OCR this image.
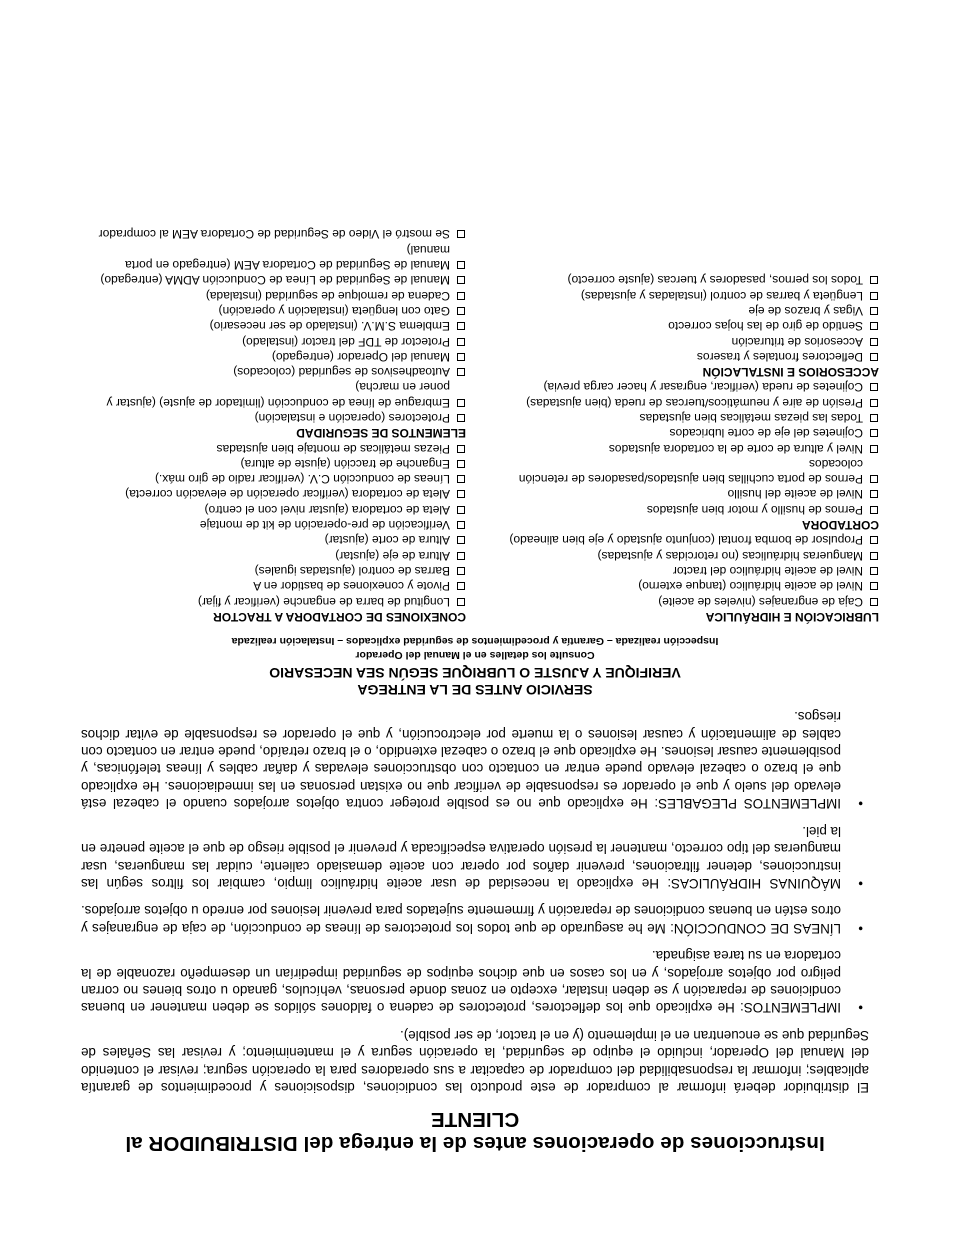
Instrucciones de operaciones antes de la entrega del DISTRIBUIDOR al CLIENTE

El distribuidor deberá informar al comprador de este producto las condiciones, disposiciones y procedimientos de garantía aplicables; informar la responsabilidad del comprador de capacitar a sus operadores para la operación segura; revisar el contenido del Manual del Operador, incluido el equipo de seguridad, la operación segura y el mantenimiento; y revisar las Señales de Seguridad que se encuentran en el implemento (y en el tractor, de ser posible).

•
IMPLEMENTOS: He explicado que los deflectores, protectores de cadena o faldones sólidos se deben mantener en buenas condiciones de reparación y se deben instalar, excepto en zonas donde personas, vehículos, ganado u otros bienes no corran peligro por objetos arrojados, y en los casos en que dichos equipos de seguridad impedirían un desempeño razonable de la cortadora en su tarea asignada.
•
LÍNEAS DE CONDUCCIÓN: Me he asegurado de que todos los protectores de líneas de conducción, de caja de engranajes y otros estén en buenas condiciones de reparación y firmemente sujetados para prevenir lesiones por enredo u objetos arrojados.
•
MÁQUINAS HIDRÁULICAS: He explicado la necesidad de usar aceite hidráulico limpio, cambiar los filtros según las instrucciones, detener filtraciones, prevenir daños por operar con aceite demasiado caliente, cuidar las mangueras, usar mangueras del tipo correcto, mantener la presión operativa especificada y prevenir el posible riesgo de que el aceite penetre en la piel.
•
IMPLEMENTOS PLEGABLES: He explicado que no es posible proteger contra objetos arrojados cuando el cabezal está elevado del suelo y que el operador es responsable de verificar que no existan personas en las inmediaciones. He explicado que el brazo o cabezal elevado puede entrar en contacto con obstrucciones elevadas y dañar cables y líneas telefónicas, y posiblemente causar lesiones. He explicado que el brazo o cabezal extendido, o el brazo retraído, puede entrar en contacto con cables de alimentación y causar lesiones o la muerte por electrocución, y que el operador es responsable de evitar dichos riesgos.
SERVICIO ANTES DE LA ENTREGA
VERIFIQUE Y AJUSTE O LUBRIQUE SEGÚN SEA NECESARIO
Consulte los detalles en el Manual del Operador
Inspección realizada – Garantía y procedimientos de seguridad explicados – Instalación realizada
LUBRICACIÓN E HIDRÁULICA
Caja de engranajes (niveles de aceite)
Nivel de aceite hidráulico (tanque externo)
Nivel de aceite hidráulico del tractor
Mangueras hidráulicas (no retorcidas y ajustadas)
Propulsor de bomba frontal (conjunto ajustado y eje bien alineado)
CORTADORA
Pernos de husillo y motor bien ajustados
Nivel de aceite del husillo
Pernos de porta cuchillas bien ajustados/pasadores de retención colocados
Nivel y altura de corte de la cortadora ajustados
Cojinetes del eje de corte lubricados
Todas las piezas metálicas bien ajustadas
Presión de aire y neumáticos/tuercas de rueda (bien ajustadas)
Cojinetes de rueda (verificar, engrasar y hacer carga previa)
ACCESORIOS E INSTALACIÓN
Deflectores frontales y traseros
Accesorios de trituración
Sentido de giro de las hojas correcto
Vigas y brazos de eje
Lengüeta y barras de control (instaladas y ajustadas)
Todos los pernos, pasadores y tuercas (ajuste correcto)
CONEXIONES DE CORTADORA A TRACTOR
Longitud de barra de enganche (verificar y fijar)
Pivote y conexiones de bastidor en A
Barras de control (ajustadas iguales)
Altura de eje (ajustar)
Altura de corte (ajustar)
Verificación de pre-operación de kit de montaje
Aleta de cortadora (ajustar nivel con el centro)
Aleta de cortadora (verificar operación de elevación correcta)
Líneas de conducción C.V. (verificar radio de giro máx.)
Enganche de tracción (ajuste de altura)
Piezas metálicas de montaje bien ajustadas
ELEMENTOS DE SEGURIDAD
Protectores (operación e instalación)
Embrague de línea de conducción (limitador de ajuste) (ajustar y poner en marcha)
Autoadhesivos de seguridad (colocados)
Manual del Operador (entregado)
Protector de TDF del tractor (instalado)
Emblema S.M.V. (instalado de ser necesario)
Gato con lengüeta (instalación y operación)
Cadena de remolque de seguridad (instalada)
Manual de Seguridad de Línea de Conducción ADMA (entregado)
Manual de Seguridad de Cortadora AEM (entregado en porta manual)
Se mostró el Video de Seguridad de Cortadora AEM al comprador
